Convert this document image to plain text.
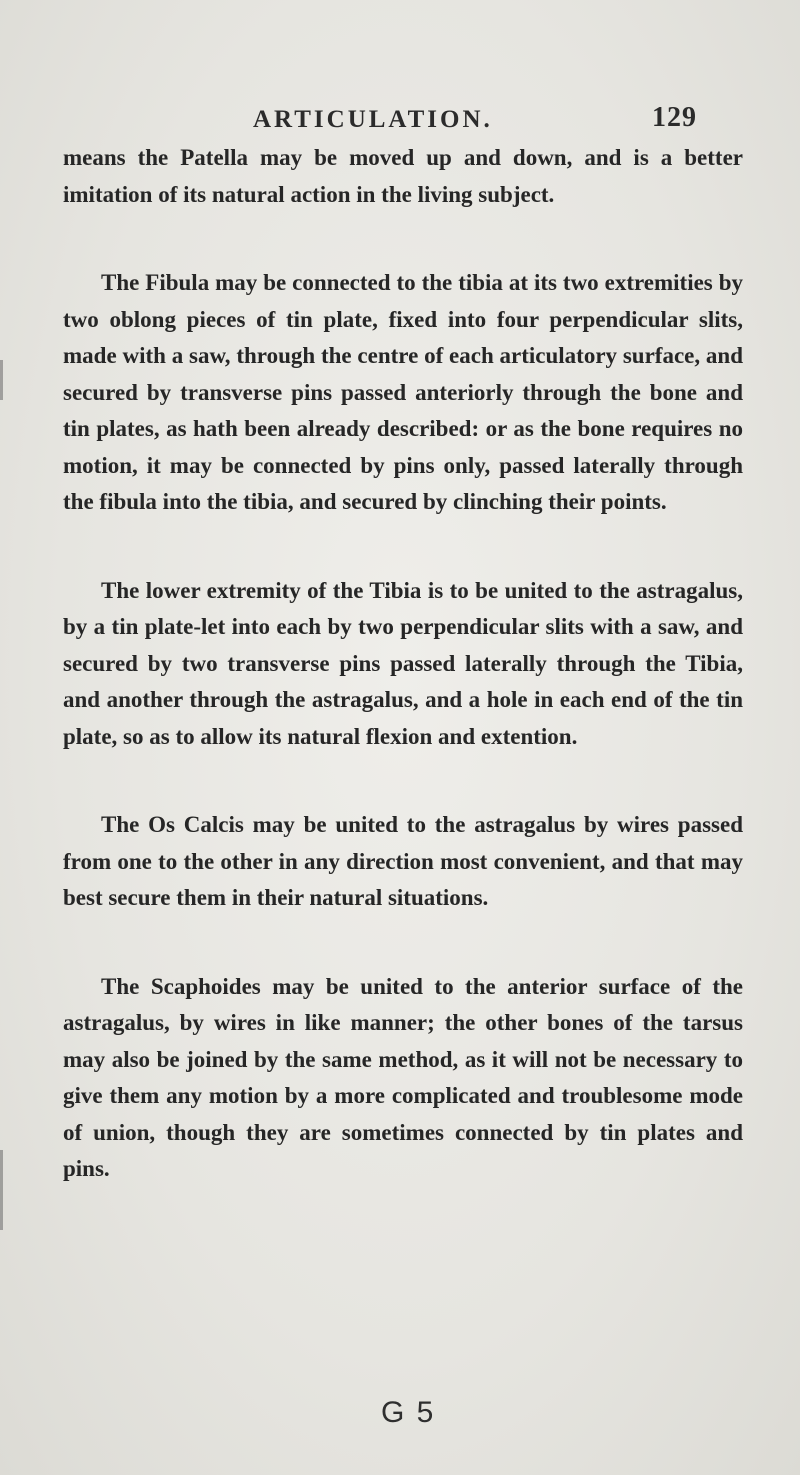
ARTICULATION.	129

means the Patella may be moved up and down, and is a better imitation of its natural action in the living subject.

The Fibula may be connected to the tibia at its two extremities by two oblong pieces of tin plate, fixed into four perpendicular slits, made with a saw, through the centre of each articulatory surface, and secured by transverse pins passed anteriorly through the bone and tin plates, as hath been already described: or as the bone requires no motion, it may be connected by pins only, passed laterally through the fibula into the tibia, and secured by clinching their points.

The lower extremity of the Tibia is to be united to the astragalus, by a tin plate-let into each by two perpendicular slits with a saw, and secured by two transverse pins passed laterally through the Tibia, and another through the astragalus, and a hole in each end of the tin plate, so as to allow its natural flexion and extention.

The Os Calcis may be united to the astragalus by wires passed from one to the other in any direction most convenient, and that may best secure them in their natural situations.

The Scaphoides may be united to the anterior surface of the astragalus, by wires in like manner; the other bones of the tarsus may also be joined by the same method, as it will not be necessary to give them any motion by a more complicated and troublesome mode of union, though they are sometimes connected by tin plates and pins.

G 5
